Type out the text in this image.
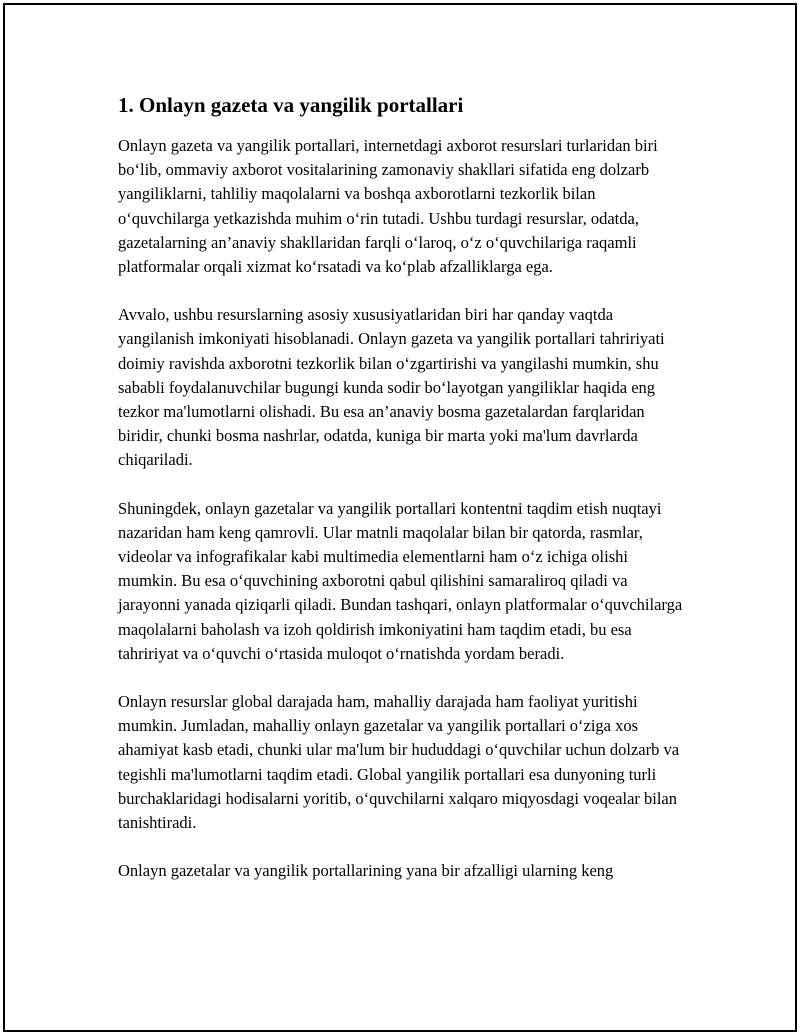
1. Onlayn gazeta va yangilik portallari

Onlayn gazeta va yangilik portallari, internetdagi axborot resurslari turlaridan biri bo‘lib, ommaviy axborot vositalarining zamonaviy shakllari sifatida eng dolzarb yangiliklarni, tahliliy maqolalarni va boshqa axborotlarni tezkorlik bilan o‘quvchilarga yetkazishda muhim o‘rin tutadi. Ushbu turdagi resurslar, odatda, gazetalarning an’anaviy shakllaridan farqli o‘laroq, o‘z o‘quvchilariga raqamli platformalar orqali xizmat ko‘rsatadi va ko‘plab afzalliklarga ega.

Avvalo, ushbu resurslarning asosiy xususiyatlaridan biri har qanday vaqtda yangilanish imkoniyati hisoblanadi. Onlayn gazeta va yangilik portallari tahririyati doimiy ravishda axborotni tezkorlik bilan o‘zgartirishi va yangilashi mumkin, shu sababli foydalanuvchilar bugungi kunda sodir bo‘layotgan yangiliklar haqida eng tezkor ma'lumotlarni olishadi. Bu esa an’anaviy bosma gazetalardan farqlaridan biridir, chunki bosma nashrlar, odatda, kuniga bir marta yoki ma'lum davrlarda chiqariladi.

Shuningdek, onlayn gazetalar va yangilik portallari kontentni taqdim etish nuqtayi nazaridan ham keng qamrovli. Ular matnli maqolalar bilan bir qatorda, rasmlar, videolar va infografikalar kabi multimedia elementlarni ham o‘z ichiga olishi mumkin. Bu esa o‘quvchining axborotni qabul qilishini samaraliroq qiladi va jarayonni yanada qiziqarli qiladi. Bundan tashqari, onlayn platformalar o‘quvchilarga maqolalarni baholash va izoh qoldirish imkoniyatini ham taqdim etadi, bu esa tahririyat va o‘quvchi o‘rtasida muloqot o‘rnatishda yordam beradi.

Onlayn resurslar global darajada ham, mahalliy darajada ham faoliyat yuritishi mumkin. Jumladan, mahalliy onlayn gazetalar va yangilik portallari o‘ziga xos ahamiyat kasb etadi, chunki ular ma'lum bir hududdagi o‘quvchilar uchun dolzarb va tegishli ma'lumotlarni taqdim etadi. Global yangilik portallari esa dunyoning turli burchaklaridagi hodisalarni yoritib, o‘quvchilarni xalqaro miqyosdagi voqealar bilan tanishtiradi.

Onlayn gazetalar va yangilik portallarining yana bir afzalligi ularning keng
